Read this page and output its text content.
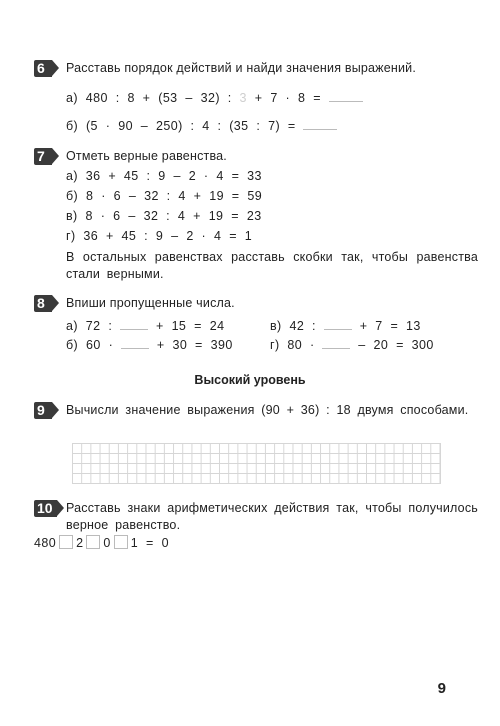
6	Расставь порядок действий и найди значения выражений.
а) 480 : 8 + (53 – 32) : 3 + 7 · 8 =
б) (5 · 90 – 250) : 4 : (35 : 7) =
7	Отметь верные равенства.
а) 36 + 45 : 9 – 2 · 4 = 33
б) 8 · 6 – 32 : 4 + 19 = 59
в) 8 · 6 – 32 : 4 + 19 = 23
г) 36 + 45 : 9 – 2 · 4 = 1
В остальных равенствах расставь скобки так, чтобы равенства стали верными.
8	Впиши пропущенные числа.
а) 72 :	+ 15 = 24	в) 42 :	+ 7 = 13
б) 60 ·	+ 30 = 390	г) 80 ·	– 20 = 300
Высокий уровень
9	Вычисли значение выражения (90 + 36) : 18 двумя способами.
10	Расставь знаки арифметических действия так, чтобы получилось верное равенство.
480 2 0 1 = 0
9
